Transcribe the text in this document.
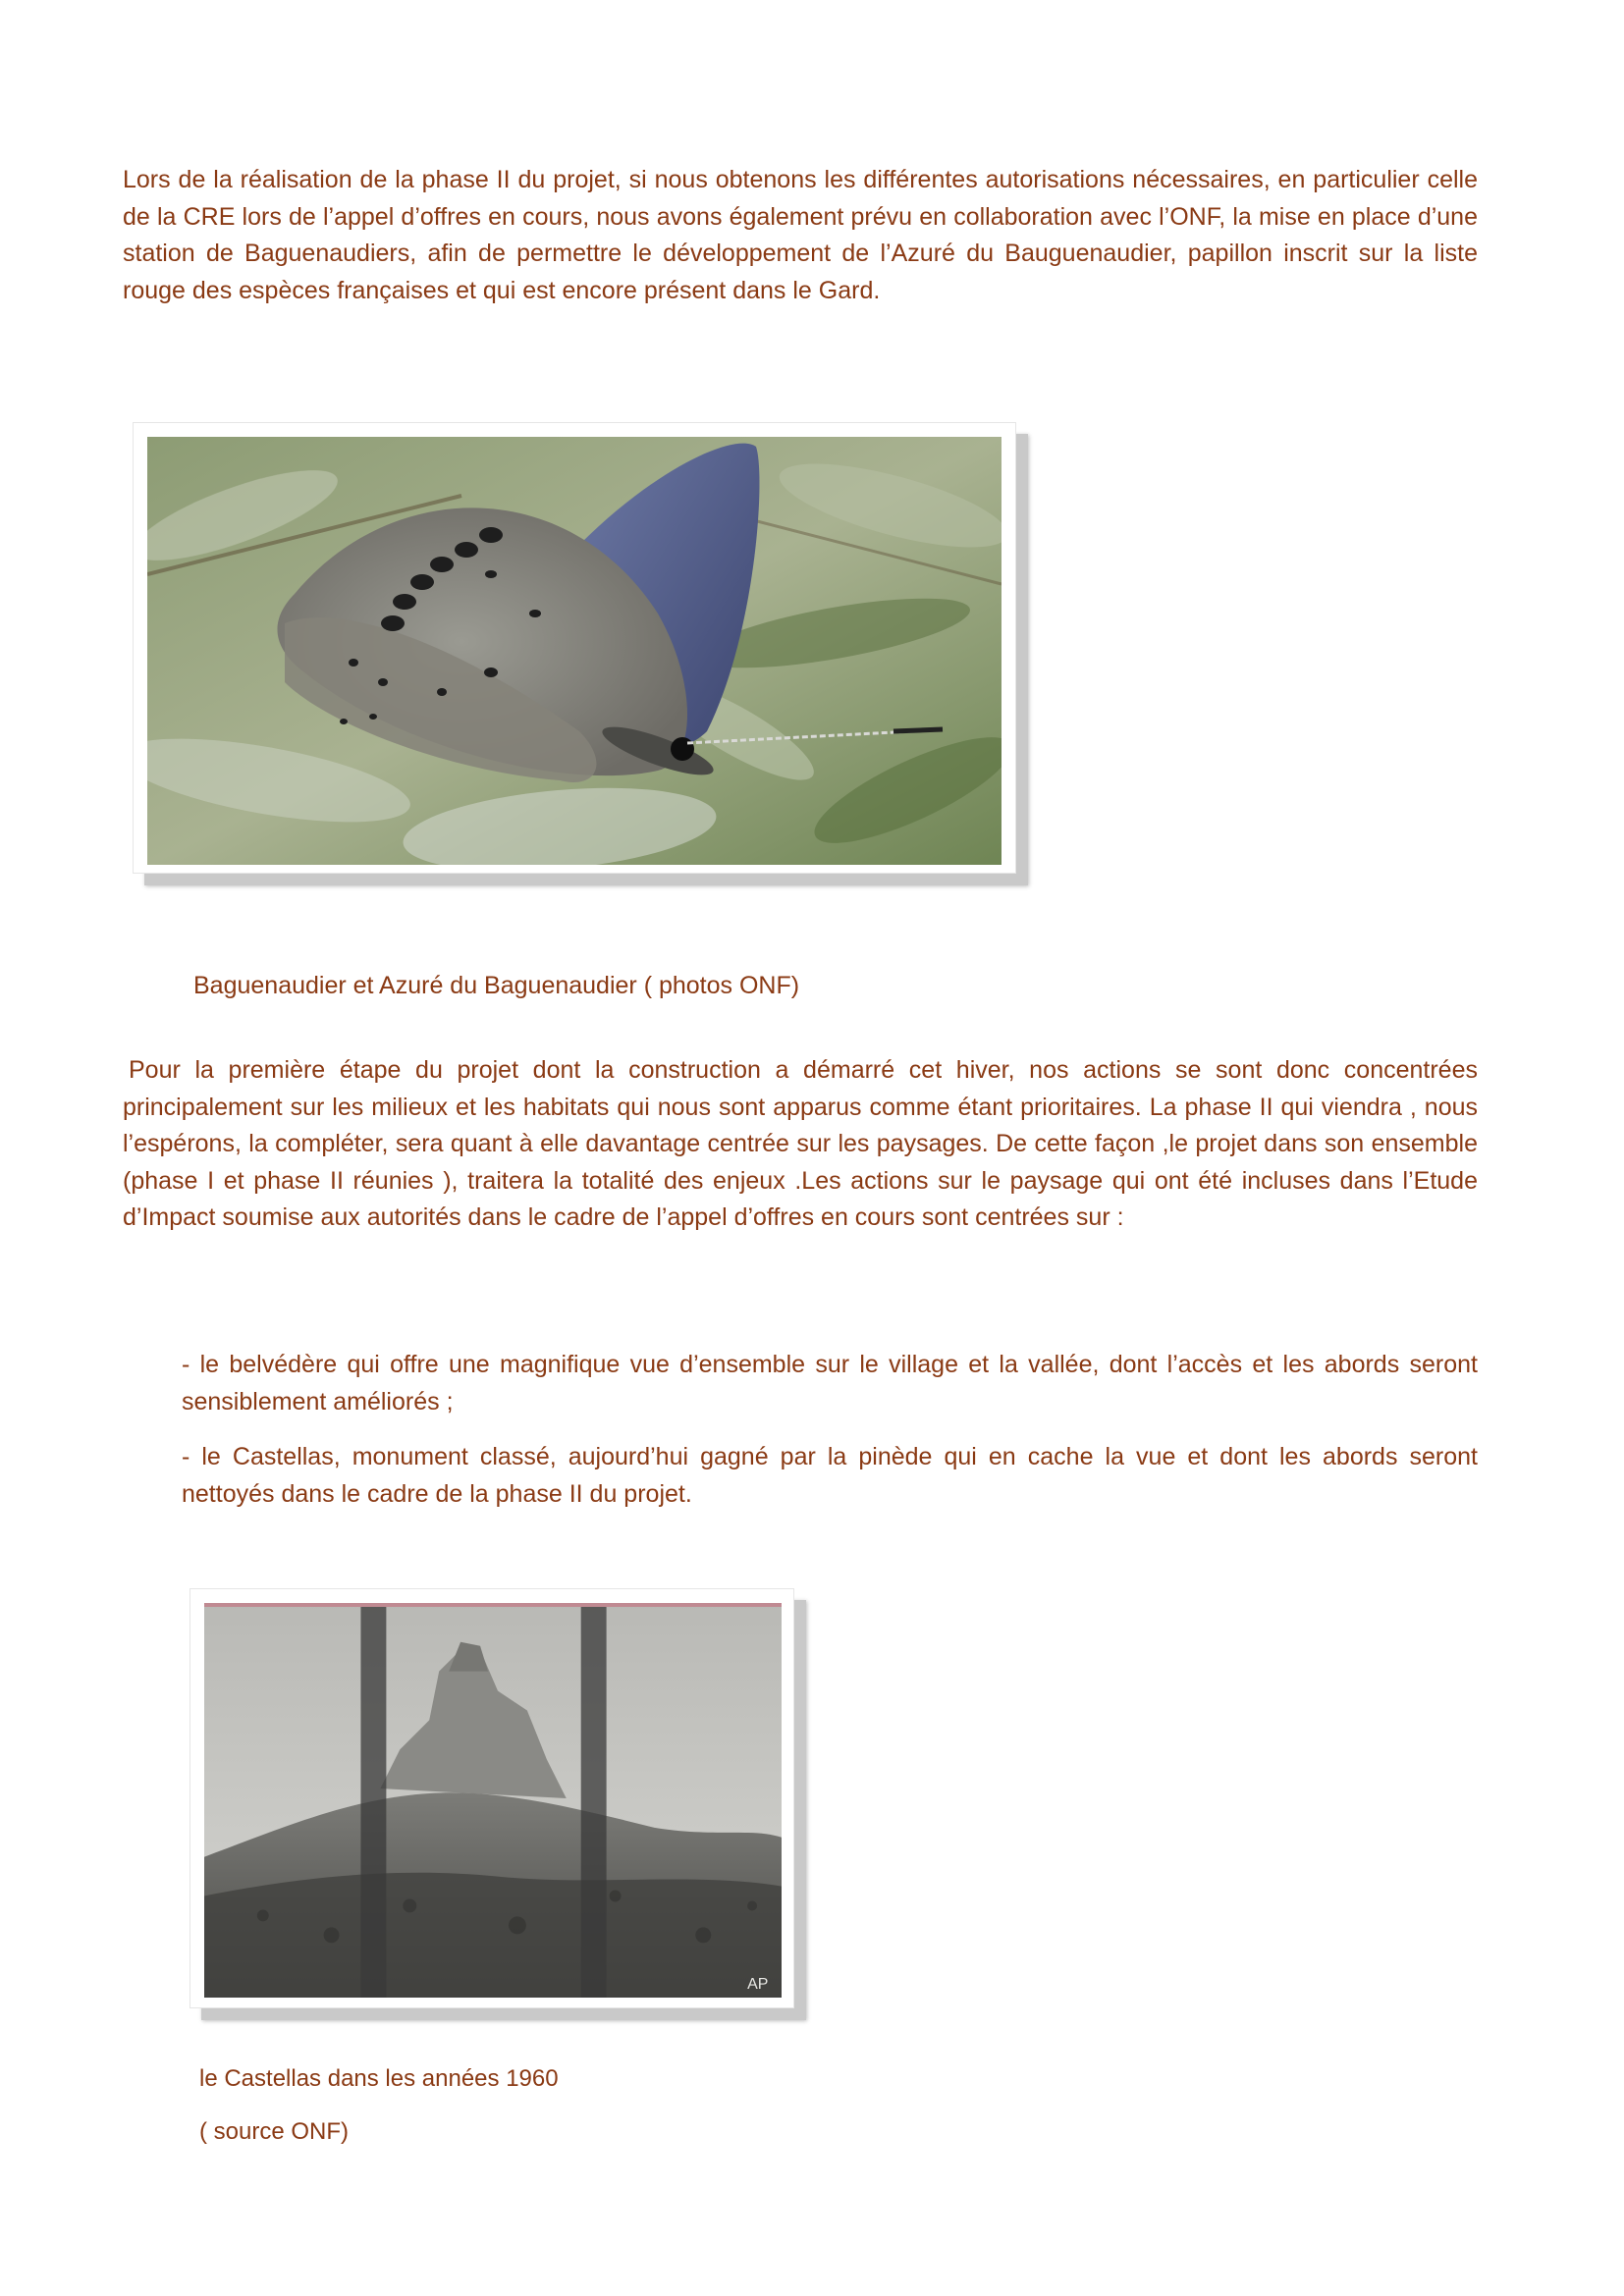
Lors de la réalisation de la phase II du projet, si nous obtenons les différentes autorisations nécessaires, en particulier celle de la CRE lors de l’appel d’offres en cours, nous avons également prévu en collaboration avec l’ONF, la mise en place d’une station de Baguenaudiers, afin de permettre le développement de l’Azuré du Bauguenaudier, papillon inscrit sur la liste rouge des espèces françaises et qui est encore présent dans le Gard.

Baguenaudier et Azuré du Baguenaudier ( photos ONF)

Pour la première étape du projet dont la construction a démarré cet hiver, nos actions se sont donc concentrées principalement sur les milieux et les habitats qui nous sont apparus comme étant prioritaires. La phase II qui viendra , nous l’espérons, la compléter, sera quant à elle davantage centrée sur les paysages. De cette façon ,le projet dans son ensemble (phase I et phase II réunies ), traitera la totalité des enjeux .Les actions sur le paysage qui ont été incluses dans l’Etude d’Impact soumise aux autorités dans le cadre de l’appel d’offres en cours sont centrées sur :

- le belvédère qui offre une magnifique vue d’ensemble sur le village et la vallée, dont l’accès et les abords seront sensiblement améliorés ;

- le Castellas, monument classé, aujourd’hui gagné par la pinède qui en cache la vue et dont les abords seront nettoyés dans le cadre de la phase II du projet.

AP

le Castellas dans les années 1960

( source ONF)
